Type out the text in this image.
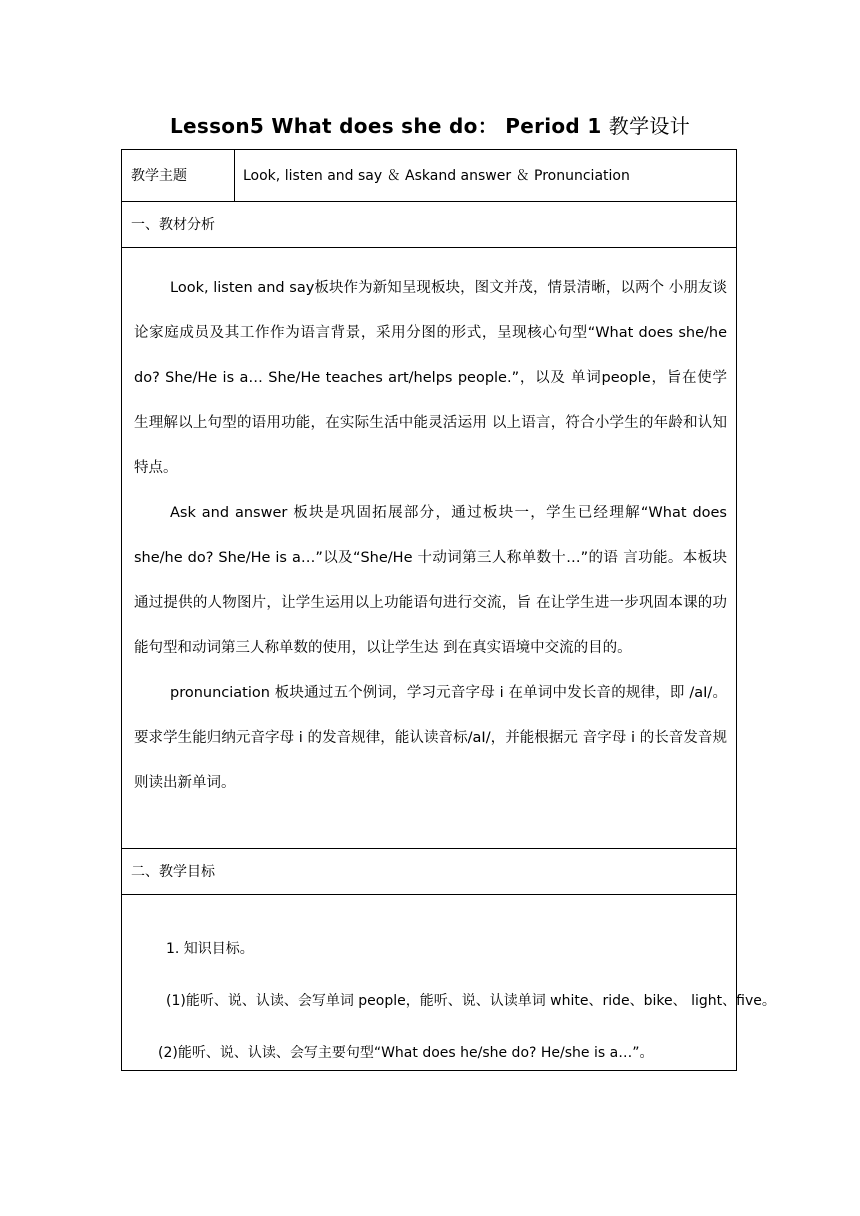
Lesson5 What does she do： Period 1 教学设计
教学主题	Look, listen and say ＆ Askand answer ＆ Pronunciation
一、教材分析

Look, listen and say板块作为新知呈现板块，图文并茂，情景清晰，以两个 小朋友谈论家庭成员及其工作作为语言背景，采用分图的形式，呈现核心句型“What does she/he do? She/He is a… She/He teaches art/helps people.”，以及 单词people，旨在使学生理解以上句型的语用功能，在实际生活中能灵活运用 以上语言，符合小学生的年龄和认知特点。

Ask and answer 板块是巩固拓展部分，通过板块一，学生已经理解“What does she/he do? She/He is a…”以及“She/He 十动词第三人称单数十…”的语 言功能。本板块通过提供的人物图片，让学生运用以上功能语句进行交流，旨 在让学生进一步巩固本课的功能句型和动词第三人称单数的使用，以让学生达 到在真实语境中交流的目的。

pronunciation 板块通过五个例词，学习元音字母 i 在单词中发长音的规律，即 /aI/。要求学生能归纳元音字母 i 的发音规律，能认读音标/aI/，并能根据元 音字母 i 的长音发音规则读出新单词。

二、教学目标

1. 知识目标。

(1)能听、说、认读、会写单词 people，能听、说、认读单词 white、ride、bike、 light、five。

(2)能听、说、认读、会写主要句型“What does he/she do? He/she is a…”。
